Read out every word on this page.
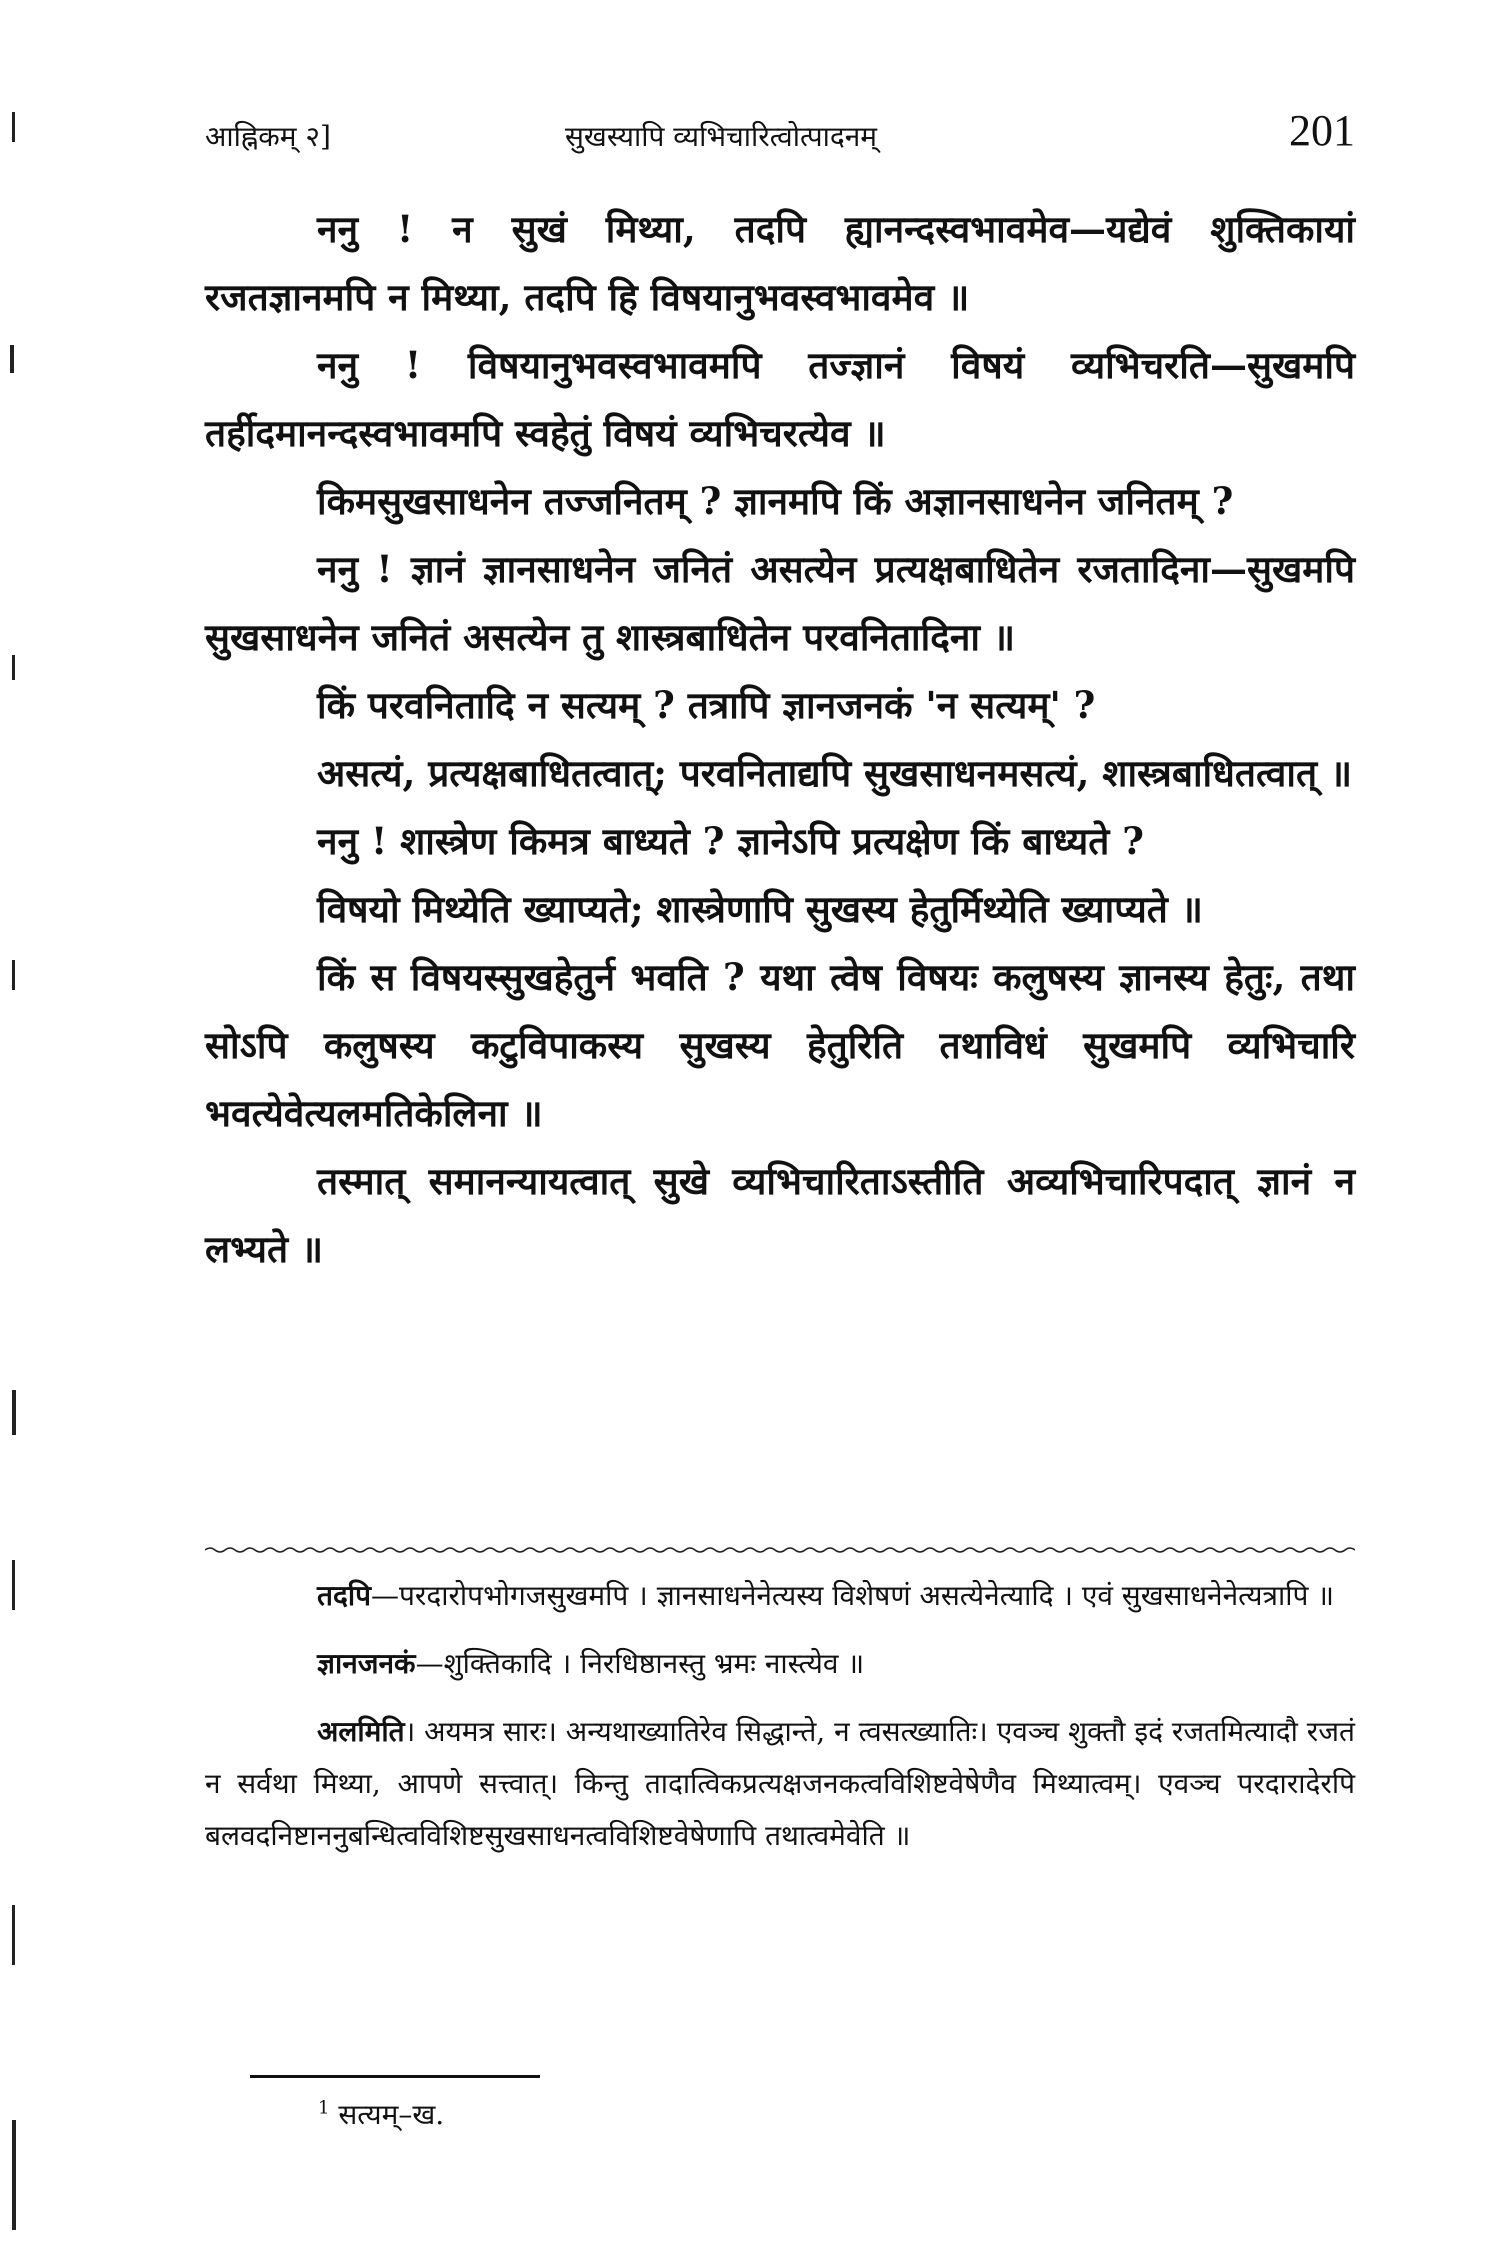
आह्निकम् २]	सुखस्यापि व्यभिचारित्वोत्पादनम्	201

ननु ! न सुखं मिथ्या, तदपि ह्यानन्दस्वभावमेव—यद्येवं शुक्तिकायां रजतज्ञानमपि न मिथ्या, तदपि हि विषयानुभवस्वभावमेव ॥

ननु ! विषयानुभवस्वभावमपि तज्ज्ञानं विषयं व्यभिचरति—सुखमपि तर्हीदमानन्दस्वभावमपि स्वहेतुं विषयं व्यभिचरत्येव ॥

किमसुखसाधनेन तज्जनितम् ? ज्ञानमपि किं अज्ञानसाधनेन जनितम् ?

ननु ! ज्ञानं ज्ञानसाधनेन जनितं असत्येन प्रत्यक्षबाधितेन रजतादिना—सुखमपि सुखसाधनेन जनितं असत्येन तु शास्त्रबाधितेन परवनितादिना ॥

किं परवनितादि न सत्यम् ? तत्रापि ज्ञानजनकं 'न सत्यम्' ?

असत्यं, प्रत्यक्षबाधितत्वात्; परवनिताद्यपि सुखसाधनमसत्यं, शास्त्रबाधितत्वात् ॥

ननु ! शास्त्रेण किमत्र बाध्यते ? ज्ञानेऽपि प्रत्यक्षेण किं बाध्यते ?

विषयो मिथ्येति ख्याप्यते; शास्त्रेणापि सुखस्य हेतुर्मिथ्येति ख्याप्यते ॥

किं स विषयस्सुखहेतुर्न भवति ? यथा त्वेष विषयः कलुषस्य ज्ञानस्य हेतुः, तथा सोऽपि कलुषस्य कटुविपाकस्य सुखस्य हेतुरिति तथाविधं सुखमपि व्यभिचारि भवत्येवेत्यलमतिकेलिना ॥

तस्मात् समानन्यायत्वात् सुखे व्यभिचारिताऽस्तीति अव्यभिचारिपदात् ज्ञानं न लभ्यते ॥

तदपि—परदारोपभोगजसुखमपि । ज्ञानसाधनेनेत्यस्य विशेषणं असत्येनेत्यादि । एवं सुखसाधनेनेत्यत्रापि ॥

ज्ञानजनकं—शुक्तिकादि । निरधिष्ठानस्तु भ्रमः नास्त्येव ॥

अलमिति। अयमत्र सारः। अन्यथाख्यातिरेव सिद्धान्ते, न त्वसत्ख्यातिः। एवञ्च शुक्तौ इदं रजतमित्यादौ रजतं न सर्वथा मिथ्या, आपणे सत्त्वात्। किन्तु तादात्विकप्रत्यक्षजनकत्वविशिष्टवेषेणैव मिथ्यात्वम्। एवञ्च परदारादेरपि बलवदनिष्टाननुबन्धित्वविशिष्टसुखसाधनत्वविशिष्टवेषेणापि तथात्वमेवेति ॥

$^1$ सत्यम्–ख.
